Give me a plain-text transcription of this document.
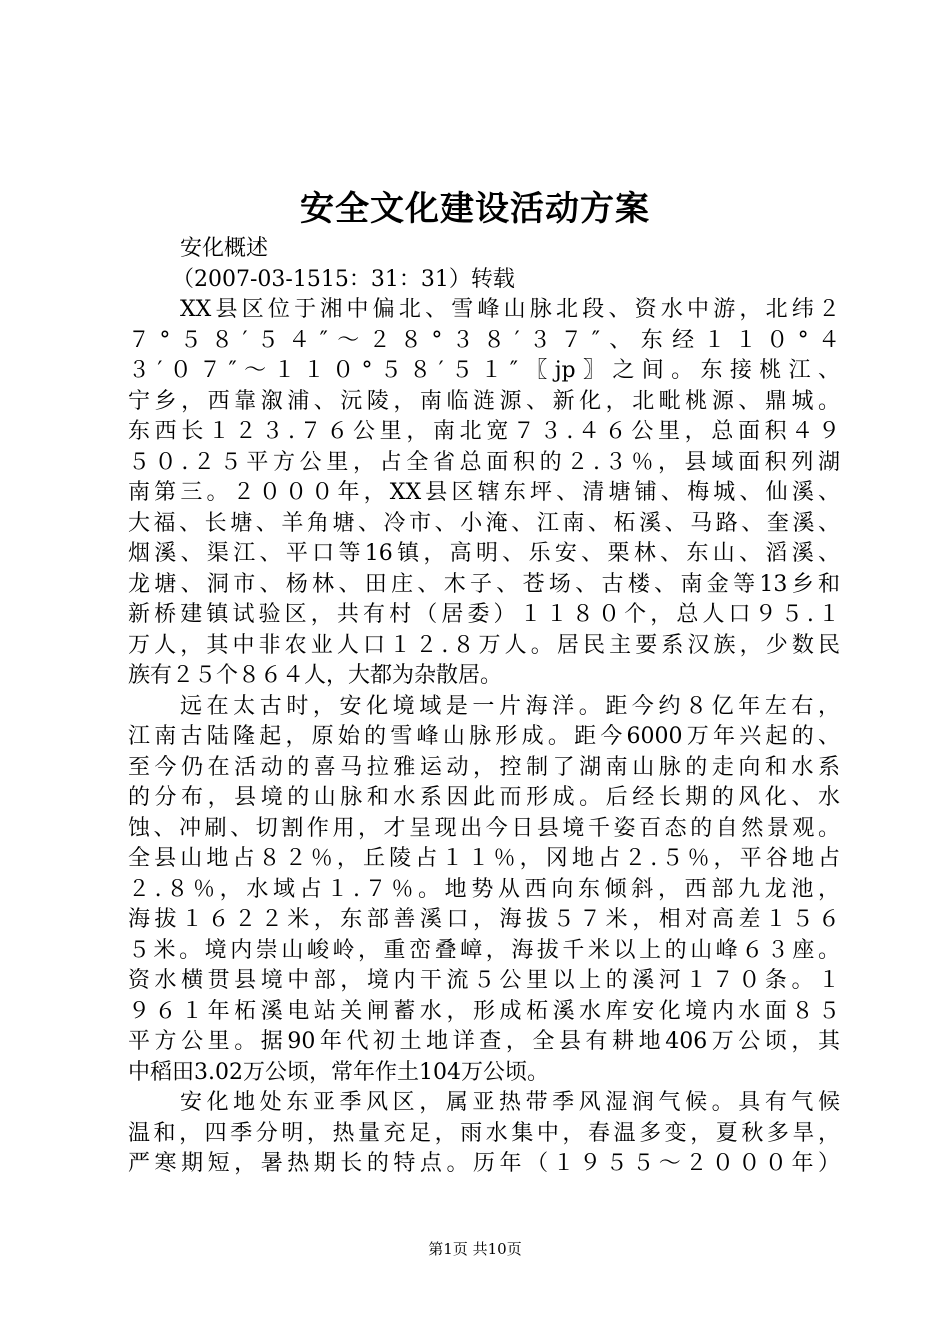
安全文化建设活动方案
安化概述
（2007-03-1515：31：31）转载
XX县区位于湘中偏北、雪峰山脉北段、资水中游，北纬２
７°５８′５４″～２８°３８′３７″、东经１１０°４
３′０７″～１１０°５８′５１″〖jp〗之间。东接桃江、
宁乡，西靠溆浦、沅陵，南临涟源、新化，北毗桃源、鼎城。
东西长１２３.７６公里，南北宽７３.４６公里，总面积４９
５０.２５平方公里，占全省总面积的２.３％，县域面积列湖
南第三。２０００年，XX县区辖东坪、清塘铺、梅城、仙溪、
大福、长塘、羊角塘、冷市、小淹、江南、柘溪、马路、奎溪、
烟溪、渠江、平口等16镇，高明、乐安、栗林、东山、滔溪、
龙塘、洞市、杨林、田庄、木子、苍场、古楼、南金等13乡和
新桥建镇试验区，共有村（居委）１１８０个，总人口９５.１
万人，其中非农业人口１２.８万人。居民主要系汉族，少数民
族有２５个８６４人，大都为杂散居。
远在太古时，安化境域是一片海洋。距今约８亿年左右，
江南古陆隆起，原始的雪峰山脉形成。距今6000万年兴起的、
至今仍在活动的喜马拉雅运动，控制了湖南山脉的走向和水系
的分布，县境的山脉和水系因此而形成。后经长期的风化、水
蚀、冲刷、切割作用，才呈现出今日县境千姿百态的自然景观。
全县山地占８２％，丘陵占１１％，冈地占２.５％，平谷地占
２.８％，水域占１.７％。地势从西向东倾斜，西部九龙池，
海拔１６２２米，东部善溪口，海拔５７米，相对高差１５６
５米。境内崇山峻岭，重峦叠嶂，海拔千米以上的山峰６３座。
资水横贯县境中部，境内干流５公里以上的溪河１７０条。１
９６１年柘溪电站关闸蓄水，形成柘溪水库安化境内水面８５
平方公里。据90年代初土地详查，全县有耕地406万公顷，其
中稻田3.02万公顷，常年作土104万公顷。
安化地处东亚季风区，属亚热带季风湿润气候。具有气候
温和，四季分明，热量充足，雨水集中，春温多变，夏秋多旱，
严寒期短，暑热期长的特点。历年（１９５５～２０００年）
第1页 共10页
